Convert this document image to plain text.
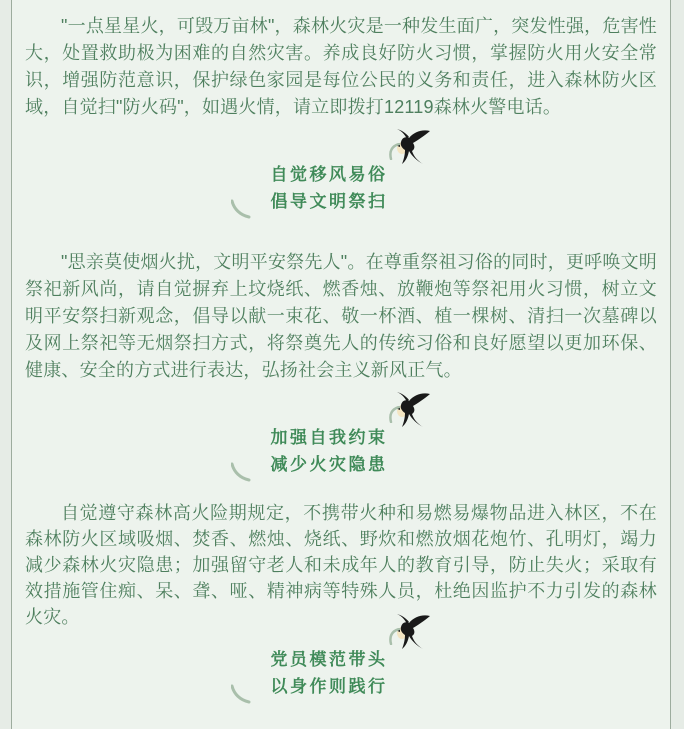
"一点星星火，可毁万亩林"，森林火灾是一种发生面广，突发性强，危害性大，处置救助极为困难的自然灾害。养成良好防火习惯，掌握防火用火安全常识，增强防范意识，保护绿色家园是每位公民的义务和责任，进入森林防火区域，自觉扫"防火码"，如遇火情，请立即拨打12119森林火警电话。

自觉移风易俗
倡导文明祭扫

"思亲莫使烟火扰，文明平安祭先人"。在尊重祭祖习俗的同时，更呼唤文明祭祀新风尚，请自觉摒弃上坟烧纸、燃香烛、放鞭炮等祭祀用火习惯，树立文明平安祭扫新观念，倡导以献一束花、敬一杯酒、植一棵树、清扫一次墓碑以及网上祭祀等无烟祭扫方式，将祭奠先人的传统习俗和良好愿望以更加环保、健康、安全的方式进行表达，弘扬社会主义新风正气。

加强自我约束
减少火灾隐患

自觉遵守森林高火险期规定，不携带火种和易燃易爆物品进入林区，不在森林防火区域吸烟、焚香、燃烛、烧纸、野炊和燃放烟花炮竹、孔明灯，竭力减少森林火灾隐患；加强留守老人和未成年人的教育引导，防止失火；采取有效措施管住痴、呆、聋、哑、精神病等特殊人员，杜绝因监护不力引发的森林火灾。

党员模范带头
以身作则践行
